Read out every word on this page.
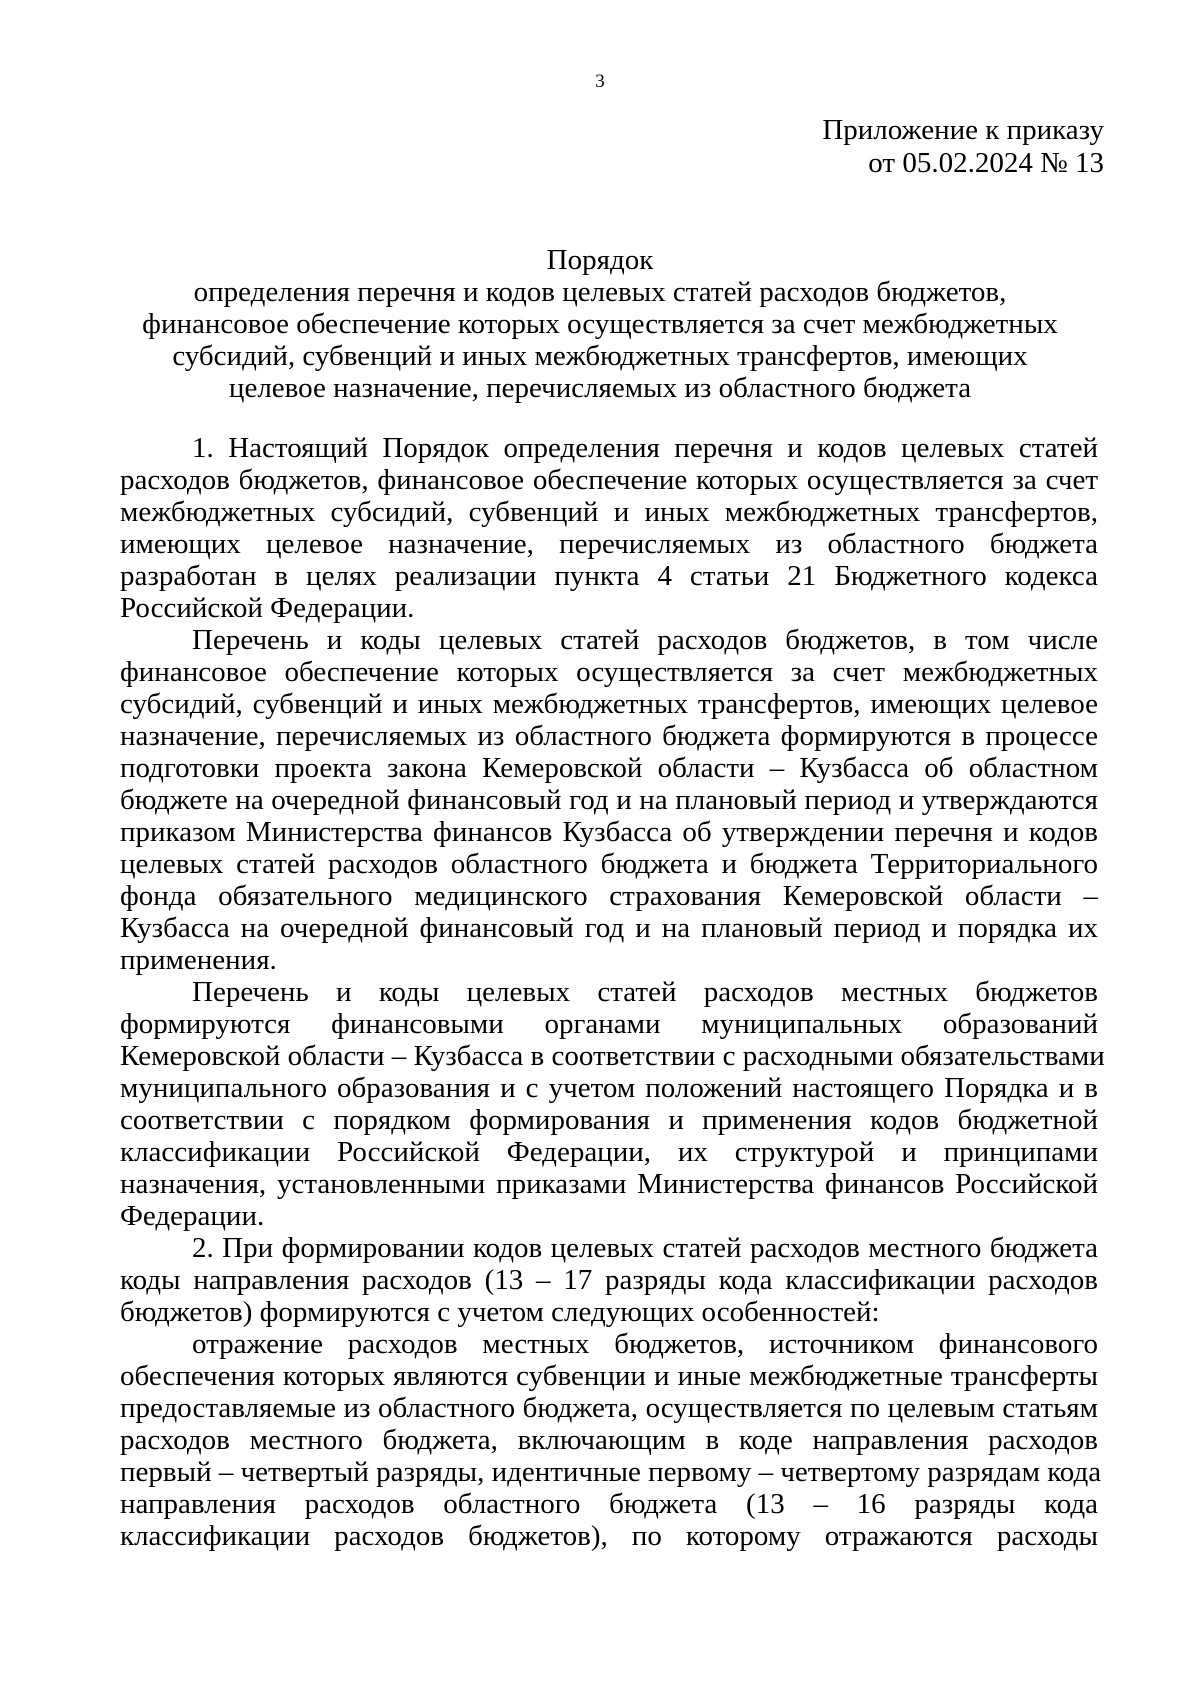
3
Приложение к приказу
от 05.02.2024 № 13
Порядок
определения перечня и кодов целевых статей расходов бюджетов,
финансовое обеспечение которых осуществляется за счет межбюджетных
субсидий, субвенций и иных межбюджетных трансфертов, имеющих
целевое назначение, перечисляемых из областного бюджета
1. Настоящий Порядок определения перечня и кодов целевых статей
расходов бюджетов, финансовое обеспечение которых осуществляется за счет
межбюджетных субсидий, субвенций и иных межбюджетных трансфертов,
имеющих целевое назначение, перечисляемых из областного бюджета
разработан в целях реализации пункта 4 статьи 21 Бюджетного кодекса
Российской Федерации.
Перечень и коды целевых статей расходов бюджетов, в том числе
финансовое обеспечение которых осуществляется за счет межбюджетных
субсидий, субвенций и иных межбюджетных трансфертов, имеющих целевое
назначение, перечисляемых из областного бюджета формируются в процессе
подготовки проекта закона Кемеровской области – Кузбасса об областном
бюджете на очередной финансовый год и на плановый период и утверждаются
приказом Министерства финансов Кузбасса об утверждении перечня и кодов
целевых статей расходов областного бюджета и бюджета Территориального
фонда обязательного медицинского страхования Кемеровской области –
Кузбасса на очередной финансовый год и на плановый период и порядка их
применения.
Перечень и коды целевых статей расходов местных бюджетов
формируются финансовыми органами муниципальных образований
Кемеровской области – Кузбасса в соответствии с расходными обязательствами
муниципального образования и с учетом положений настоящего Порядка и в
соответствии с порядком формирования и применения кодов бюджетной
классификации Российской Федерации, их структурой и принципами
назначения, установленными приказами Министерства финансов Российской
Федерации.
2. При формировании кодов целевых статей расходов местного бюджета
коды направления расходов (13 – 17 разряды кода классификации расходов
бюджетов) формируются с учетом следующих особенностей:
отражение расходов местных бюджетов, источником финансового
обеспечения которых являются субвенции и иные межбюджетные трансферты
предоставляемые из областного бюджета, осуществляется по целевым статьям
расходов местного бюджета, включающим в коде направления расходов
первый – четвертый разряды, идентичные первому – четвертому разрядам кода
направления расходов областного бюджета (13 – 16 разряды кода
классификации расходов бюджетов), по которому отражаются расходы
